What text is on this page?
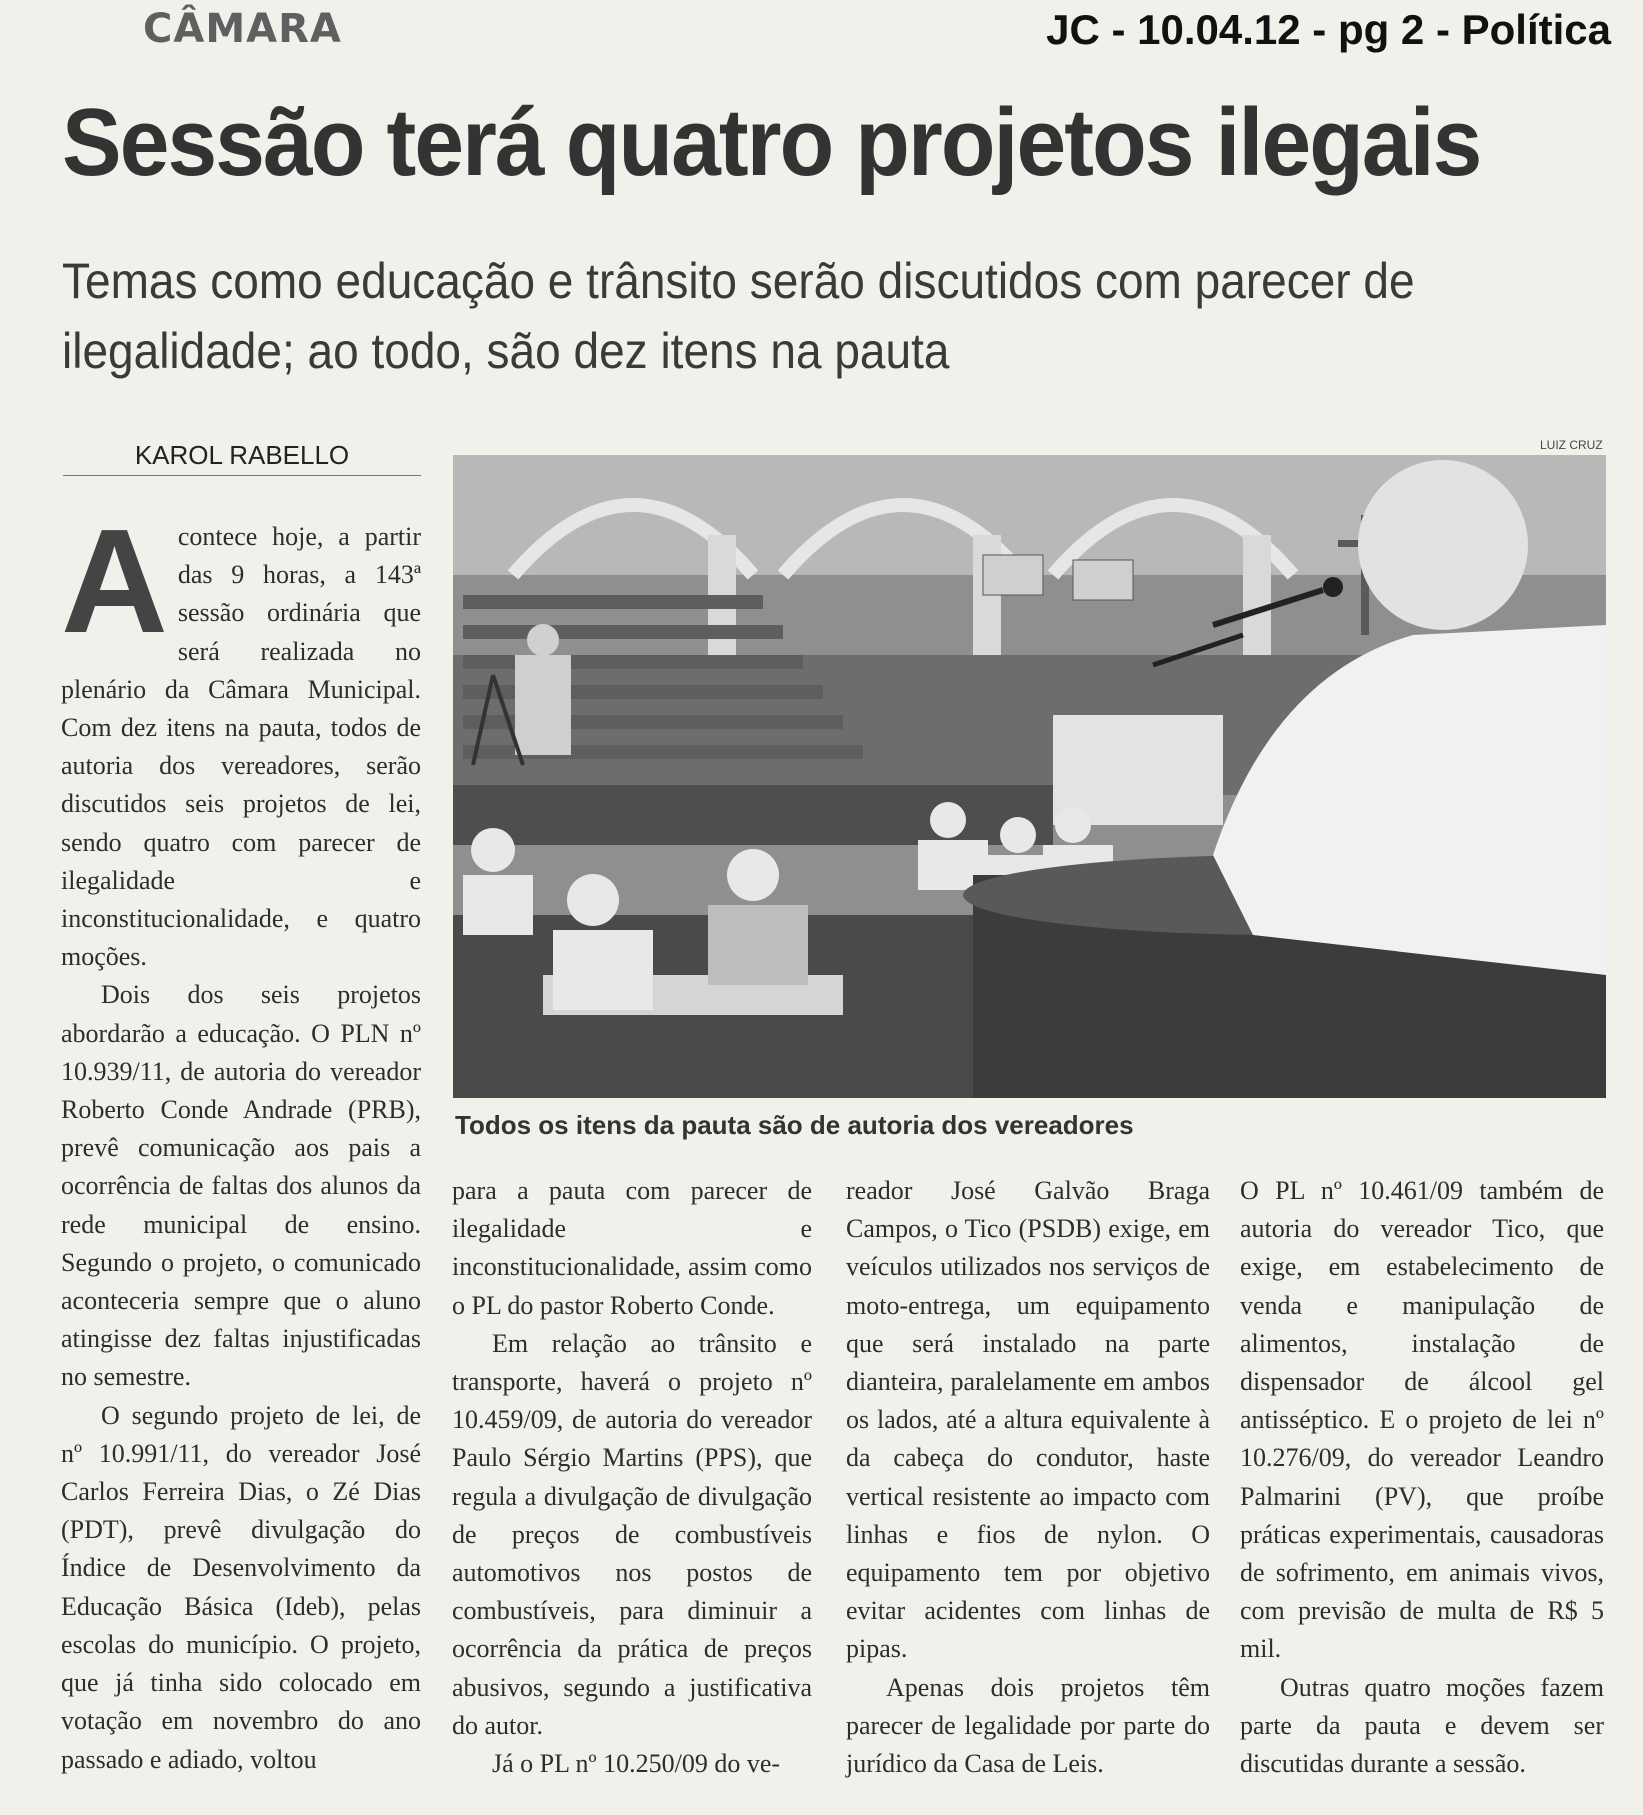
CÂMARA	JC - 10.04.12 - pg 2 - Política
Sessão terá quatro projetos ilegais
Temas como educação e trânsito serão discutidos com parecer de ilegalidade; ao todo, são dez itens na pauta
KAROL RABELLO	LUIZ CRUZ
Todos os itens da pauta são de autoria dos vereadores
A contece hoje, a partir das 9 horas, a 143ª sessão ordinária que será realizada no plenário da Câmara Municipal. Com dez itens na pauta, todos de autoria dos vereadores, serão discutidos seis projetos de lei, sendo quatro com parecer de ilegalidade e inconstitucionalidade, e quatro moções.

Dois dos seis projetos abordarão a educação. O PLN nº 10.939/11, de autoria do vereador Roberto Conde Andrade (PRB), prevê comunicação aos pais a ocorrência de faltas dos alunos da rede municipal de ensino. Segundo o projeto, o comunicado aconteceria sempre que o aluno atingisse dez faltas injustificadas no semestre.

O segundo projeto de lei, de nº 10.991/11, do vereador José Carlos Ferreira Dias, o Zé Dias (PDT), prevê divulgação do Índice de Desenvolvimento da Educação Básica (Ideb), pelas escolas do município. O projeto, que já tinha sido colocado em votação em novembro do ano passado e adiado, voltou

para a pauta com parecer de ilegalidade e inconstitucionalidade, assim como o PL do pastor Roberto Conde.

Em relação ao trânsito e transporte, haverá o projeto nº 10.459/09, de autoria do vereador Paulo Sérgio Martins (PPS), que regula a divulgação de divulgação de preços de combustíveis automotivos nos postos de combustíveis, para diminuir a ocorrência da prática de preços abusivos, segundo a justificativa do autor.

Já o PL nº 10.250/09 do ve-

reador José Galvão Braga Campos, o Tico (PSDB) exige, em veículos utilizados nos serviços de moto-entrega, um equipamento que será instalado na parte dianteira, paralelamente em ambos os lados, até a altura equivalente à da cabeça do condutor, haste vertical resistente ao impacto com linhas e fios de nylon. O equipamento tem por objetivo evitar acidentes com linhas de pipas.

Apenas dois projetos têm parecer de legalidade por parte do jurídico da Casa de Leis.

O PL nº 10.461/09 também de autoria do vereador Tico, que exige, em estabelecimento de venda e manipulação de alimentos, instalação de dispensador de álcool gel antisséptico. E o projeto de lei nº 10.276/09, do vereador Leandro Palmarini (PV), que proíbe práticas experimentais, causadoras de sofrimento, em animais vivos, com previsão de multa de R$ 5 mil.

Outras quatro moções fazem parte da pauta e devem ser discutidas durante a sessão.
